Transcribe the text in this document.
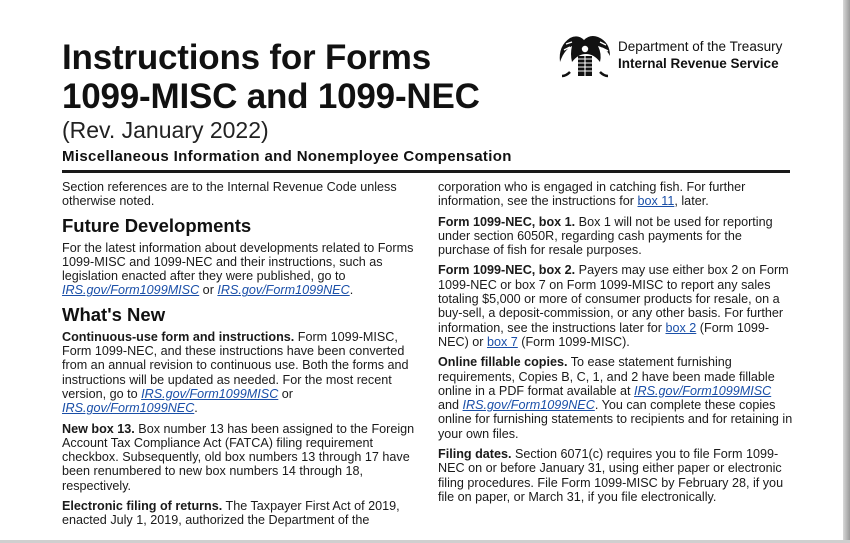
Instructions for Forms
1099-MISC and 1099-NEC
(Rev. January 2022)
Miscellaneous Information and Nonemployee Compensation
Department of the Treasury
Internal Revenue Service

Section references are to the Internal Revenue Code unless otherwise noted.

Future Developments

For the latest information about developments related to Forms 1099-MISC and 1099-NEC and their instructions, such as legislation enacted after they were published, go to IRS.gov/Form1099MISC or IRS.gov/Form1099NEC.

What's New

Continuous-use form and instructions. Form 1099-MISC, Form 1099-NEC, and these instructions have been converted from an annual revision to continuous use. Both the forms and instructions will be updated as needed. For the most recent version, go to IRS.gov/Form1099MISC or IRS.gov/Form1099NEC.

New box 13. Box number 13 has been assigned to the Foreign Account Tax Compliance Act (FATCA) filing requirement checkbox. Subsequently, old box numbers 13 through 17 have been renumbered to new box numbers 14 through 18, respectively.

Electronic filing of returns. The Taxpayer First Act of 2019, enacted July 1, 2019, authorized the Department of the

corporation who is engaged in catching fish. For further information, see the instructions for box 11, later.

Form 1099-NEC, box 1. Box 1 will not be used for reporting under section 6050R, regarding cash payments for the purchase of fish for resale purposes.

Form 1099-NEC, box 2. Payers may use either box 2 on Form 1099-NEC or box 7 on Form 1099-MISC to report any sales totaling $5,000 or more of consumer products for resale, on a buy-sell, a deposit-commission, or any other basis. For further information, see the instructions later for box 2 (Form 1099-NEC) or box 7 (Form 1099-MISC).

Online fillable copies. To ease statement furnishing requirements, Copies B, C, 1, and 2 have been made fillable online in a PDF format available at IRS.gov/Form1099MISC and IRS.gov/Form1099NEC. You can complete these copies online for furnishing statements to recipients and for retaining in your own files.

Filing dates. Section 6071(c) requires you to file Form 1099-NEC on or before January 31, using either paper or electronic filing procedures. File Form 1099-MISC by February 28, if you file on paper, or March 31, if you file electronically.
